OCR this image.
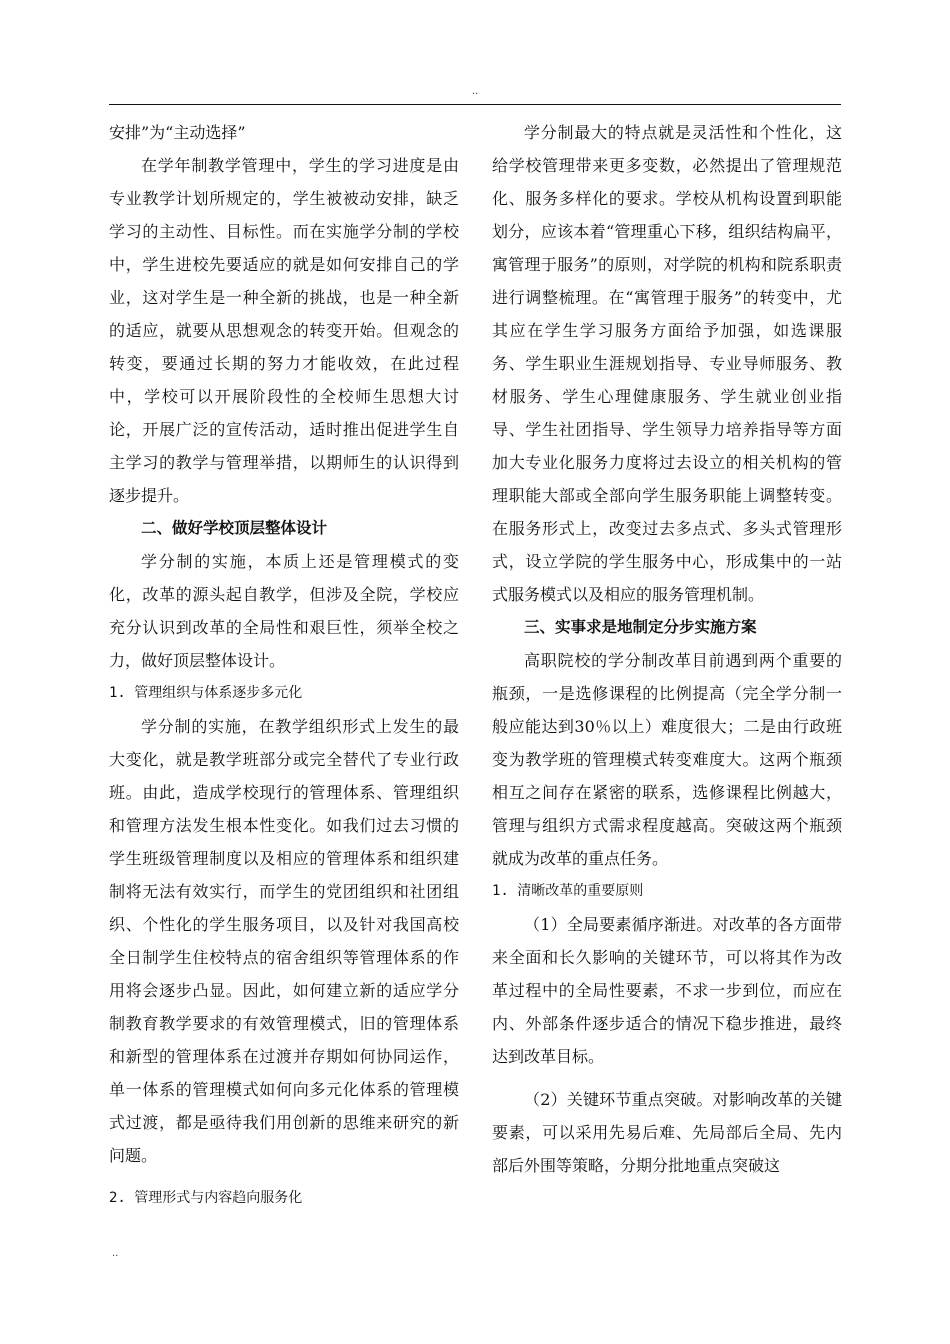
..

安排”为“主动选择”

在学年制教学管理中，学生的学习进度是由专业教学计划所规定的，学生被被动安排，缺乏学习的主动性、目标性。而在实施学分制的学校中，学生进校先要适应的就是如何安排自己的学业，这对学生是一种全新的挑战，也是一种全新的适应，就要从思想观念的转变开始。但观念的转变，要通过长期的努力才能收效，在此过程中，学校可以开展阶段性的全校师生思想大讨论，开展广泛的宣传活动，适时推出促进学生自主学习的教学与管理举措，以期师生的认识得到逐步提升。

二、做好学校顶层整体设计

学分制的实施，本质上还是管理模式的变化，改革的源头起自教学，但涉及全院，学校应充分认识到改革的全局性和艰巨性，须举全校之力，做好顶层整体设计。

1. 管理组织与体系逐步多元化

学分制的实施，在教学组织形式上发生的最大变化，就是教学班部分或完全替代了专业行政班。由此，造成学校现行的管理体系、管理组织和管理方法发生根本性变化。如我们过去习惯的学生班级管理制度以及相应的管理体系和组织建制将无法有效实行，而学生的党团组织和社团组织、个性化的学生服务项目，以及针对我国高校全日制学生住校特点的宿舍组织等管理体系的作用将会逐步凸显。因此，如何建立新的适应学分制教育教学要求的有效管理模式，旧的管理体系和新型的管理体系在过渡并存期如何协同运作，单一体系的管理模式如何向多元化体系的管理模式过渡，都是亟待我们用创新的思维来研究的新问题。

2. 管理形式与内容趋向服务化

学分制最大的特点就是灵活性和个性化，这给学校管理带来更多变数，必然提出了管理规范化、服务多样化的要求。学校从机构设置到职能划分，应该本着“管理重心下移，组织结构扁平，寓管理于服务”的原则，对学院的机构和院系职责进行调整梳理。在“寓管理于服务”的转变中，尤其应在学生学习服务方面给予加强，如选课服务、学生职业生涯规划指导、专业导师服务、教材服务、学生心理健康服务、学生就业创业指导、学生社团指导、学生领导力培养指导等方面加大专业化服务力度将过去设立的相关机构的管理职能大部或全部向学生服务职能上调整转变。在服务形式上，改变过去多点式、多头式管理形式，设立学院的学生服务中心，形成集中的一站式服务模式以及相应的服务管理机制。

三、实事求是地制定分步实施方案

高职院校的学分制改革目前遇到两个重要的瓶颈，一是选修课程的比例提高（完全学分制一般应能达到30％以上）难度很大；二是由行政班变为教学班的管理模式转变难度大。这两个瓶颈相互之间存在紧密的联系，选修课程比例越大，管理与组织方式需求程度越高。突破这两个瓶颈就成为改革的重点任务。

1. 清晰改革的重要原则

（1）全局要素循序渐进。对改革的各方面带来全面和长久影响的关键环节，可以将其作为改革过程中的全局性要素，不求一步到位，而应在内、外部条件逐步适合的情况下稳步推进，最终达到改革目标。

（2）关键环节重点突破。对影响改革的关键要素，可以采用先易后难、先局部后全局、先内部后外围等策略，分期分批地重点突破这

..
